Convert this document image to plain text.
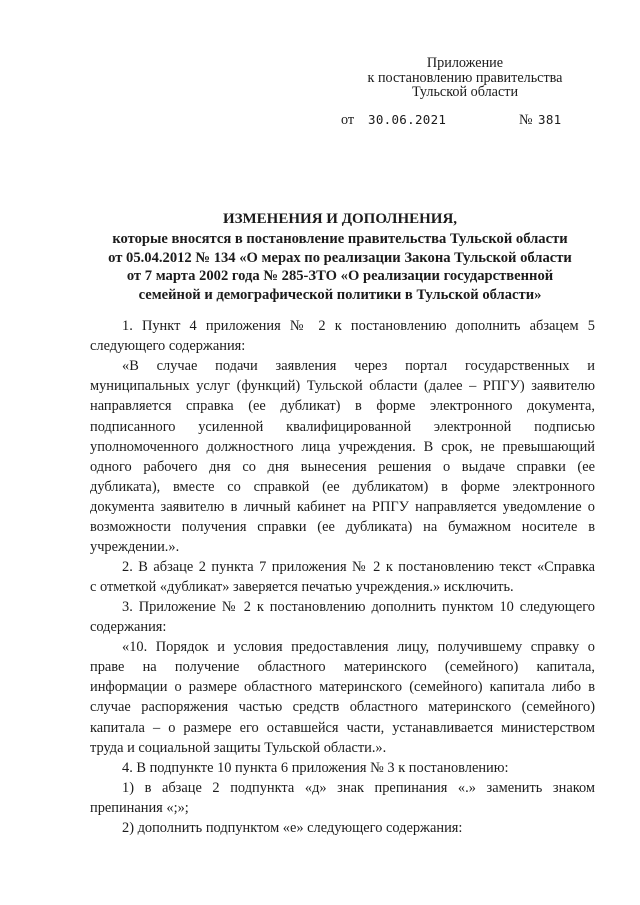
Приложение
к постановлению правительства
Тульской области
от 30.06.2021	№ 381
ИЗМЕНЕНИЯ И ДОПОЛНЕНИЯ,
которые вносятся в постановление правительства Тульской области
от 05.04.2012 № 134 «О мерах по реализации Закона Тульской области
от 7 марта 2002 года № 285-ЗТО «О реализации государственной
семейной и демографической политики в Тульской области»
1. Пункт 4 приложения № 2 к постановлению дополнить абзацем 5
следующего содержания:
«В случае подачи заявления через портал государственных и
муниципальных услуг (функций) Тульской области (далее – РПГУ) заявителю
направляется справка (ее дубликат) в форме электронного документа,
подписанного усиленной квалифицированной электронной подписью
уполномоченного должностного лица учреждения. В срок, не превышающий
одного рабочего дня со дня вынесения решения о выдаче справки (ее
дубликата), вместе со справкой (ее дубликатом) в форме электронного
документа заявителю в личный кабинет на РПГУ направляется уведомление о
возможности получения справки (ее дубликата) на бумажном носителе в
учреждении.».
2. В абзаце 2 пункта 7 приложения № 2 к постановлению текст «Справка
с отметкой «дубликат» заверяется печатью учреждения.» исключить.
3. Приложение № 2 к постановлению дополнить пунктом 10 следующего
содержания:
«10. Порядок и условия предоставления лицу, получившему справку о
праве на получение областного материнского (семейного) капитала,
информации о размере областного материнского (семейного) капитала либо в
случае распоряжения частью средств областного материнского (семейного)
капитала – о размере его оставшейся части, устанавливается министерством
труда и социальной защиты Тульской области.».
4. В подпункте 10 пункта 6 приложения № 3 к постановлению:
1) в абзаце 2 подпункта «д» знак препинания «.» заменить знаком
препинания «;»;
2) дополнить подпунктом «е» следующего содержания:
